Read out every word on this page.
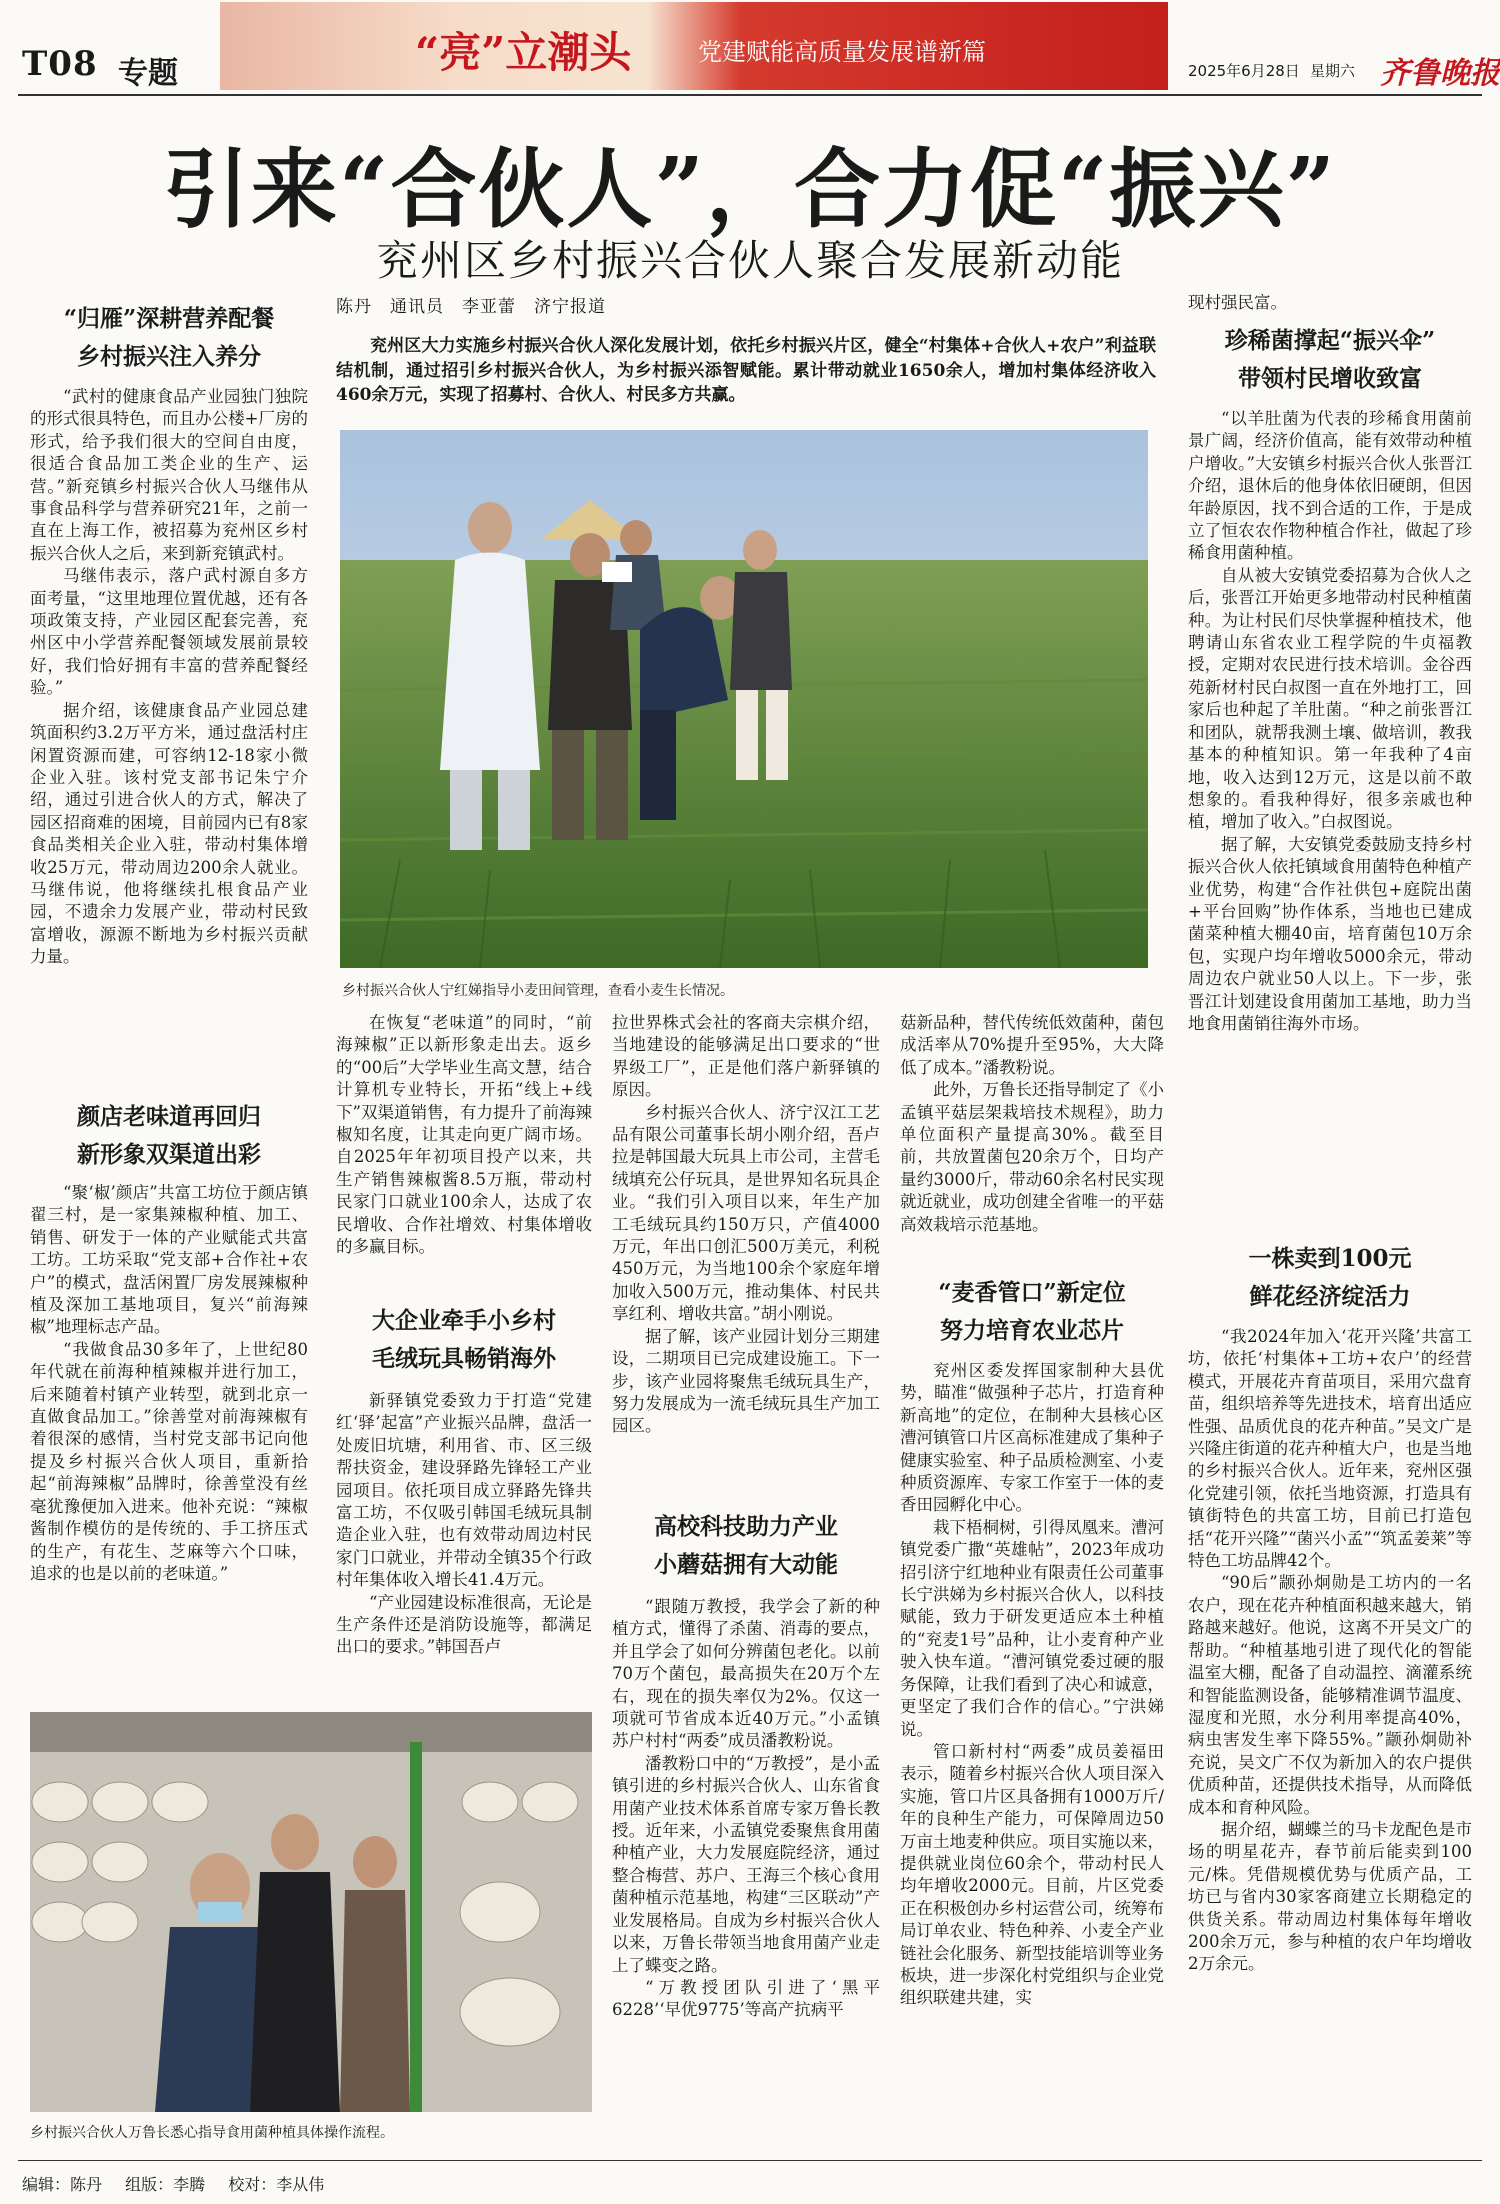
T08 专题	“亮”立潮头	党建赋能高质量发展谱新篇
2025年6月28日 星期六 齐鲁晚报
引来“合伙人”，合力促“振兴”
兖州区乡村振兴合伙人聚合发展新动能
“归雁”深耕营养配餐
乡村振兴注入养分

“武村的健康食品产业园独门独院的形式很具特色，而且办公楼+厂房的形式，给予我们很大的空间自由度，很适合食品加工类企业的生产、运营。”新兖镇乡村振兴合伙人马继伟从事食品科学与营养研究21年，之前一直在上海工作，被招募为兖州区乡村振兴合伙人之后，来到新兖镇武村。

马继伟表示，落户武村源自多方面考量，“这里地理位置优越，还有各项政策支持，产业园区配套完善，兖州区中小学营养配餐领域发展前景较好，我们恰好拥有丰富的营养配餐经验。”

据介绍，该健康食品产业园总建筑面积约3.2万平方米，通过盘活村庄闲置资源而建，可容纳12-18家小微企业入驻。该村党支部书记朱宁介绍，通过引进合伙人的方式，解决了园区招商难的困境，目前园内已有8家食品类相关企业入驻，带动村集体增收25万元，带动周边200余人就业。马继伟说，他将继续扎根食品产业园，不遗余力发展产业，带动村民致富增收，源源不断地为乡村振兴贡献力量。

颜店老味道再回归
新形象双渠道出彩

“聚‘椒’颜店”共富工坊位于颜店镇翟三村，是一家集辣椒种植、加工、销售、研发于一体的产业赋能式共富工坊。工坊采取“党支部+合作社+农户”的模式，盘活闲置厂房发展辣椒种植及深加工基地项目，复兴“前海辣椒”地理标志产品。

“我做食品30多年了，上世纪80年代就在前海种植辣椒并进行加工，后来随着村镇产业转型，就到北京一直做食品加工。”徐善堂对前海辣椒有着很深的感情，当村党支部书记向他提及乡村振兴合伙人项目，重新拾起“前海辣椒”品牌时，徐善堂没有丝毫犹豫便加入进来。他补充说：“辣椒酱制作模仿的是传统的、手工挤压式的生产，有花生、芝麻等六个口味，追求的也是以前的老味道。”

陈丹　通讯员　李亚蕾　济宁报道
兖州区大力实施乡村振兴合伙人深化发展计划，依托乡村振兴片区，健全“村集体+合伙人+农户”利益联结机制，通过招引乡村振兴合伙人，为乡村振兴添智赋能。累计带动就业1650余人，增加村集体经济收入460余万元，实现了招募村、合伙人、村民多方共赢。
乡村振兴合伙人宁红娣指导小麦田间管理，查看小麦生长情况。

在恢复“老味道”的同时，“前海辣椒”正以新形象走出去。返乡的“00后”大学毕业生高文慧，结合计算机专业特长，开拓“线上+线下”双渠道销售，有力提升了前海辣椒知名度，让其走向更广阔市场。自2025年年初项目投产以来，共生产销售辣椒酱8.5万瓶，带动村民家门口就业100余人，达成了农民增收、合作社增效、村集体增收的多赢目标。

大企业牵手小乡村
毛绒玩具畅销海外

新驿镇党委致力于打造“党建红‘驿’起富”产业振兴品牌，盘活一处废旧坑塘，利用省、市、区三级帮扶资金，建设驿路先锋轻工产业园项目。依托项目成立驿路先锋共富工坊，不仅吸引韩国毛绒玩具制造企业入驻，也有效带动周边村民家门口就业，并带动全镇35个行政村年集体收入增长41.4万元。

“产业园建设标准很高，无论是生产条件还是消防设施等，都满足出口的要求。”韩国吾卢

拉世界株式会社的客商夫宗棋介绍，当地建设的能够满足出口要求的“世界级工厂”，正是他们落户新驿镇的原因。

乡村振兴合伙人、济宁汉江工艺品有限公司董事长胡小刚介绍，吾卢拉是韩国最大玩具上市公司，主营毛绒填充公仔玩具，是世界知名玩具企业。“我们引入项目以来，年生产加工毛绒玩具约150万只，产值4000万元，年出口创汇500万美元，利税450万元，为当地100余个家庭年增加收入500万元，推动集体、村民共享红利、增收共富。”胡小刚说。

据了解，该产业园计划分三期建设，二期项目已完成建设施工。下一步，该产业园将聚焦毛绒玩具生产，努力发展成为一流毛绒玩具生产加工园区。

高校科技助力产业
小蘑菇拥有大动能

“跟随万教授，我学会了新的种植方式，懂得了杀菌、消毒的要点，并且学会了如何分辨菌包老化。以前70万个菌包，最高损失在20万个左右，现在的损失率仅为2%。仅这一项就可节省成本近40万元。”小孟镇苏户村村“两委”成员潘教粉说。

潘教粉口中的“万教授”，是小孟镇引进的乡村振兴合伙人、山东省食用菌产业技术体系首席专家万鲁长教授。近年来，小孟镇党委聚焦食用菌种植产业，大力发展庭院经济，通过整合梅营、苏户、王海三个核心食用菌种植示范基地，构建“三区联动”产业发展格局。自成为乡村振兴合伙人以来，万鲁长带领当地食用菌产业走上了蝶变之路。

“万教授团队引进了‘黑平6228’‘早优9775’等高产抗病平

菇新品种，替代传统低效菌种，菌包成活率从70%提升至95%，大大降低了成本。”潘教粉说。

此外，万鲁长还指导制定了《小孟镇平菇层架栽培技术规程》，助力单位面积产量提高30%。截至目前，共放置菌包20余万个，日均产量约3000斤，带动60余名村民实现就近就业，成功创建全省唯一的平菇高效栽培示范基地。

“麦香管口”新定位
努力培育农业芯片

兖州区委发挥国家制种大县优势，瞄准“做强种子芯片，打造育种新高地”的定位，在制种大县核心区漕河镇管口片区高标准建成了集种子健康实验室、种子品质检测室、小麦种质资源库、专家工作室于一体的麦香田园孵化中心。

栽下梧桐树，引得凤凰来。漕河镇党委广撒“英雄帖”，2023年成功招引济宁红地种业有限责任公司董事长宁洪娣为乡村振兴合伙人，以科技赋能，致力于研发更适应本土种植的“兖麦1号”品种，让小麦育种产业驶入快车道。“漕河镇党委过硬的服务保障，让我们看到了决心和诚意，更坚定了我们合作的信心。”宁洪娣说。

管口新村村“两委”成员姜福田表示，随着乡村振兴合伙人项目深入实施，管口片区具备拥有1000万斤/年的良种生产能力，可保障周边50万亩土地麦种供应。项目实施以来，提供就业岗位60余个，带动村民人均年增收2000元。目前，片区党委正在积极创办乡村运营公司，统筹布局订单农业、特色种养、小麦全产业链社会化服务、新型技能培训等业务板块，进一步深化村党组织与企业党组织联建共建，实

现村强民富。

珍稀菌撑起“振兴伞”
带领村民增收致富

“以羊肚菌为代表的珍稀食用菌前景广阔，经济价值高，能有效带动种植户增收。”大安镇乡村振兴合伙人张晋江介绍，退休后的他身体依旧硬朗，但因年龄原因，找不到合适的工作，于是成立了恒农农作物种植合作社，做起了珍稀食用菌种植。

自从被大安镇党委招募为合伙人之后，张晋江开始更多地带动村民种植菌种。为让村民们尽快掌握种植技术，他聘请山东省农业工程学院的牛贞福教授，定期对农民进行技术培训。金谷西苑新材村民白叔图一直在外地打工，回家后也种起了羊肚菌。“种之前张晋江和团队，就帮我测土壤、做培训，教我基本的种植知识。第一年我种了4亩地，收入达到12万元，这是以前不敢想象的。看我种得好，很多亲戚也种植，增加了收入。”白叔图说。

据了解，大安镇党委鼓励支持乡村振兴合伙人依托镇域食用菌特色种植产业优势，构建“合作社供包+庭院出菌+平台回购”协作体系，当地也已建成菌菜种植大棚40亩，培育菌包10万余包，实现户均年增收5000余元，带动周边农户就业50人以上。下一步，张晋江计划建设食用菌加工基地，助力当地食用菌销往海外市场。

一株卖到100元
鲜花经济绽活力

“我2024年加入‘花开兴隆’共富工坊，依托‘村集体+工坊+农户’的经营模式，开展花卉育苗项目，采用穴盘育苗，组织培养等先进技术，培育出适应性强、品质优良的花卉种苗。”吴文广是兴隆庄街道的花卉种植大户，也是当地的乡村振兴合伙人。近年来，兖州区强化党建引领，依托当地资源，打造具有镇街特色的共富工坊，目前已打造包括“花开兴隆”“菌兴小孟”“筑孟姜莱”等特色工坊品牌42个。

“90后”颛孙炯勋是工坊内的一名农户，现在花卉种植面积越来越大，销路越来越好。他说，这离不开吴文广的帮助。“种植基地引进了现代化的智能温室大棚，配备了自动温控、滴灌系统和智能监测设备，能够精准调节温度、湿度和光照，水分利用率提高40%，病虫害发生率下降55%。”颛孙炯勋补充说，吴文广不仅为新加入的农户提供优质种苗，还提供技术指导，从而降低成本和育种风险。

据介绍，蝴蝶兰的马卡龙配色是市场的明星花卉，春节前后能卖到100元/株。凭借规模优势与优质产品，工坊已与省内30家客商建立长期稳定的供货关系。带动周边村集体每年增收200余万元，参与种植的农户年均增收2万余元。

乡村振兴合伙人万鲁长悉心指导食用菌种植具体操作流程。
编辑：陈丹 组版：李腾 校对：李从伟
